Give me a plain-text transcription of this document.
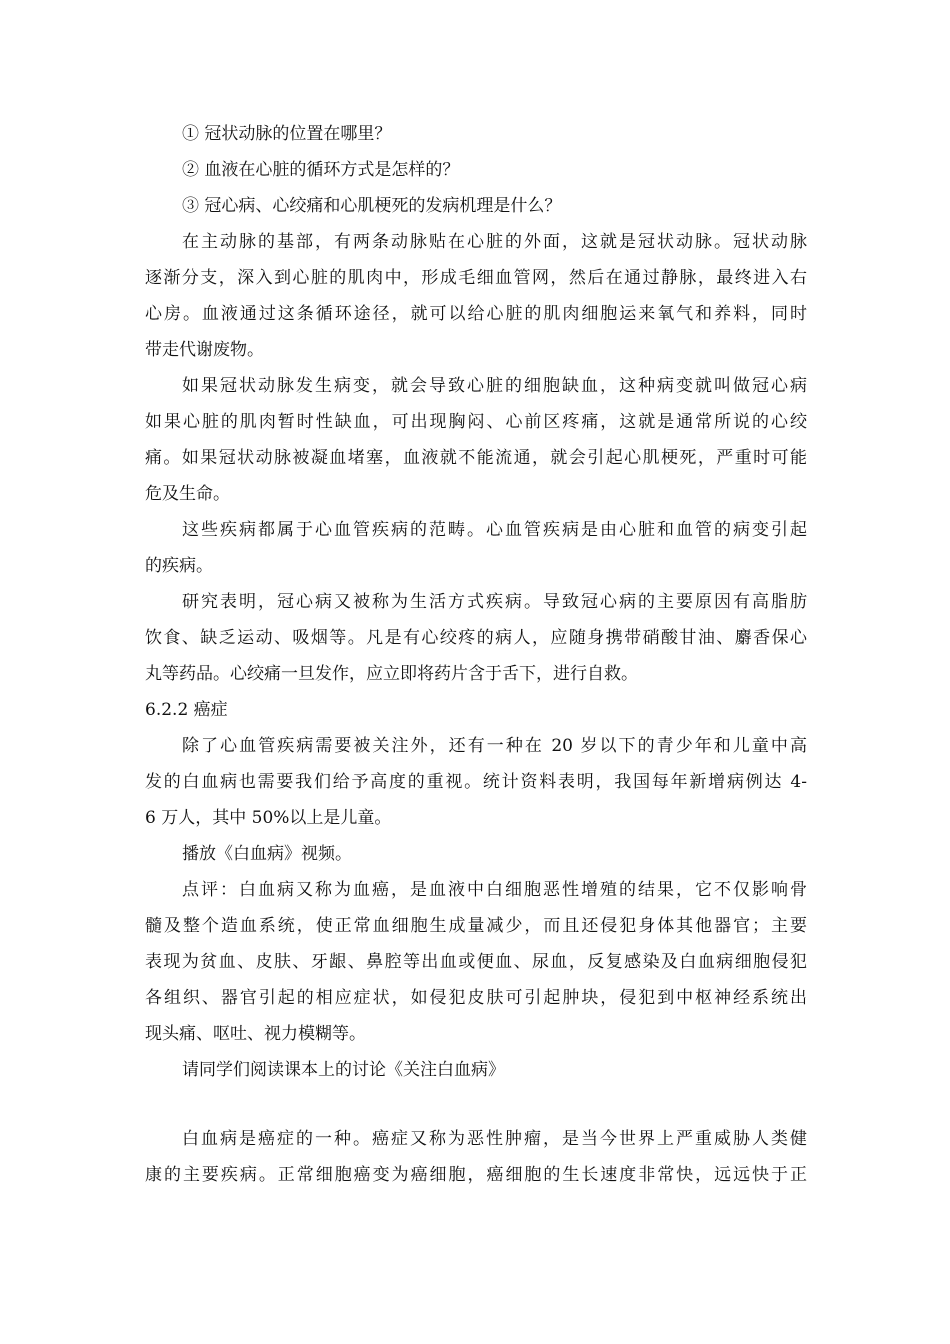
① 冠状动脉的位置在哪里？
② 血液在心脏的循环方式是怎样的？
③ 冠心病、心绞痛和心肌梗死的发病机理是什么？
在主动脉的基部，有两条动脉贴在心脏的外面，这就是冠状动脉。冠状动脉
逐渐分支，深入到心脏的肌肉中，形成毛细血管网，然后在通过静脉，最终进入右
心房。血液通过这条循环途径，就可以给心脏的肌肉细胞运来氧气和养料，同时
带走代谢废物。
如果冠状动脉发生病变，就会导致心脏的细胞缺血，这种病变就叫做冠心病
如果心脏的肌肉暂时性缺血，可出现胸闷、心前区疼痛，这就是通常所说的心绞
痛。如果冠状动脉被凝血堵塞，血液就不能流通，就会引起心肌梗死，严重时可能
危及生命。
这些疾病都属于心血管疾病的范畴。心血管疾病是由心脏和血管的病变引起
的疾病。
研究表明，冠心病又被称为生活方式疾病。导致冠心病的主要原因有高脂肪
饮食、缺乏运动、吸烟等。凡是有心绞疼的病人，应随身携带硝酸甘油、麝香保心
丸等药品。心绞痛一旦发作，应立即将药片含于舌下，进行自救。
6.2.2 癌症
除了心血管疾病需要被关注外，还有一种在 20 岁以下的青少年和儿童中高
发的白血病也需要我们给予高度的重视。统计资料表明，我国每年新增病例达 4-
6 万人，其中 50%以上是儿童。
播放《白血病》视频。
点评：白血病又称为血癌，是血液中白细胞恶性增殖的结果，它不仅影响骨
髓及整个造血系统，使正常血细胞生成量减少，而且还侵犯身体其他器官；主要
表现为贫血、皮肤、牙龈、鼻腔等出血或便血、尿血，反复感染及白血病细胞侵犯
各组织、器官引起的相应症状，如侵犯皮肤可引起肿块，侵犯到中枢神经系统出
现头痛、呕吐、视力模糊等。
请同学们阅读课本上的讨论《关注白血病》
白血病是癌症的一种。癌症又称为恶性肿瘤，是当今世界上严重威胁人类健
康的主要疾病。正常细胞癌变为癌细胞，癌细胞的生长速度非常快，远远快于正
